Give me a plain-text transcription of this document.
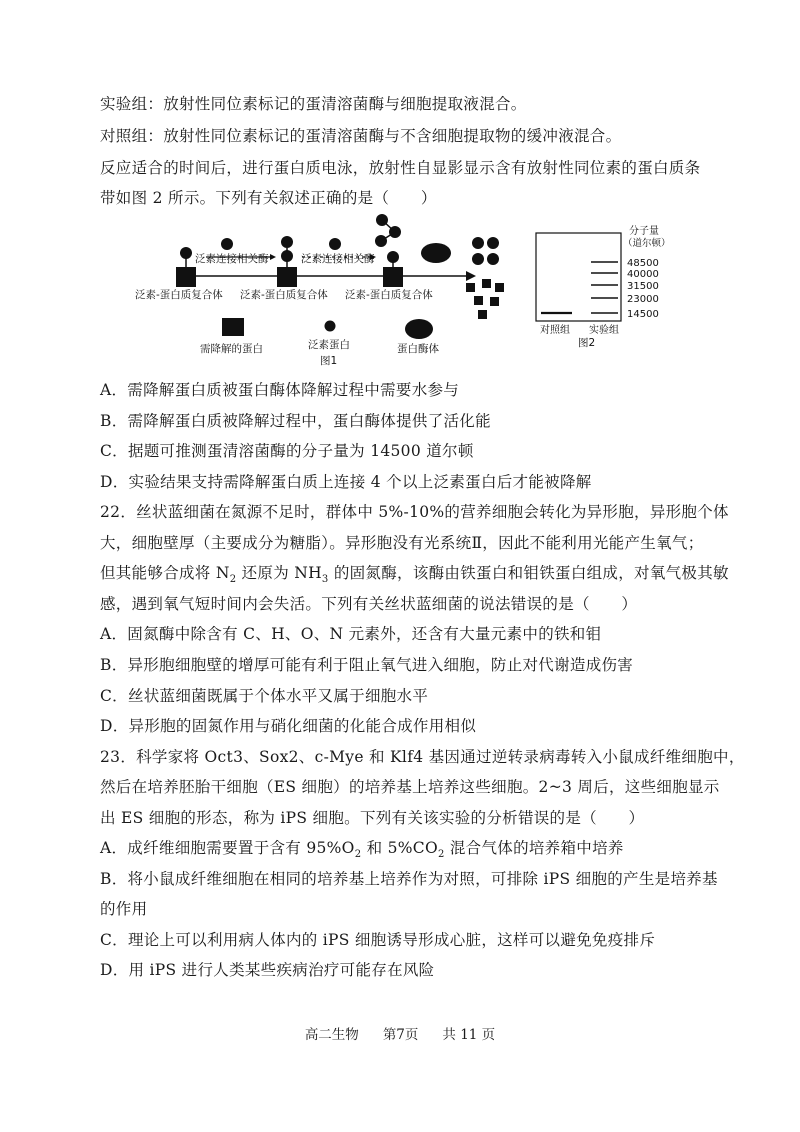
实验组：放射性同位素标记的蛋清溶菌酶与细胞提取液混合。
对照组：放射性同位素标记的蛋清溶菌酶与不含细胞提取物的缓冲液混合。
反应适合的时间后，进行蛋白质电泳，放射性自显影显示含有放射性同位素的蛋白质条
带如图 2 所示。下列有关叙述正确的是（　　）
泛素连接相关酶	泛素连接相关酶
泛素-蛋白质复合体 泛素-蛋白质复合体 泛素-蛋白质复合体
需降解的蛋白	泛素蛋白	蛋白酶体
图1
分子量
（道尔顿）
48500
40000
31500
23000
14500
对照组 实验组
图2
A．需降解蛋白质被蛋白酶体降解过程中需要水参与
B．需降解蛋白质被降解过程中，蛋白酶体提供了活化能
C．据题可推测蛋清溶菌酶的分子量为 14500 道尔顿
D．实验结果支持需降解蛋白质上连接 4 个以上泛素蛋白后才能被降解
22．丝状蓝细菌在氮源不足时，群体中 5%-10%的营养细胞会转化为异形胞，异形胞个体
大，细胞壁厚（主要成分为糖脂）。异形胞没有光系统Ⅱ，因此不能利用光能产生氧气；
但其能够合成将 $N_2$ 还原为 $NH_3$ 的固氮酶，该酶由铁蛋白和钼铁蛋白组成，对氧气极其敏
感，遇到氧气短时间内会失活。下列有关丝状蓝细菌的说法错误的是（　　）
A．固氮酶中除含有 C、H、O、N 元素外，还含有大量元素中的铁和钼
B．异形胞细胞壁的增厚可能有利于阻止氧气进入细胞，防止对代谢造成伤害
C．丝状蓝细菌既属于个体水平又属于细胞水平
D．异形胞的固氮作用与硝化细菌的化能合成作用相似
23．科学家将 Oct3、Sox2、c-Mye 和 Klf4 基因通过逆转录病毒转入小鼠成纤维细胞中，
然后在培养胚胎干细胞（ES 细胞）的培养基上培养这些细胞。2~3 周后，这些细胞显示
出 ES 细胞的形态，称为 iPS 细胞。下列有关该实验的分析错误的是（　　）
A．成纤维细胞需要置于含有 $95\%O_2$ 和 $5\%CO_2$ 混合气体的培养箱中培养
B．将小鼠成纤维细胞在相同的培养基上培养作为对照，可排除 iPS 细胞的产生是培养基
的作用
C．理论上可以利用病人体内的 iPS 细胞诱导形成心脏，这样可以避免免疫排斥
D．用 iPS 进行人类某些疾病治疗可能存在风险
高二生物 第7页 共 11 页
